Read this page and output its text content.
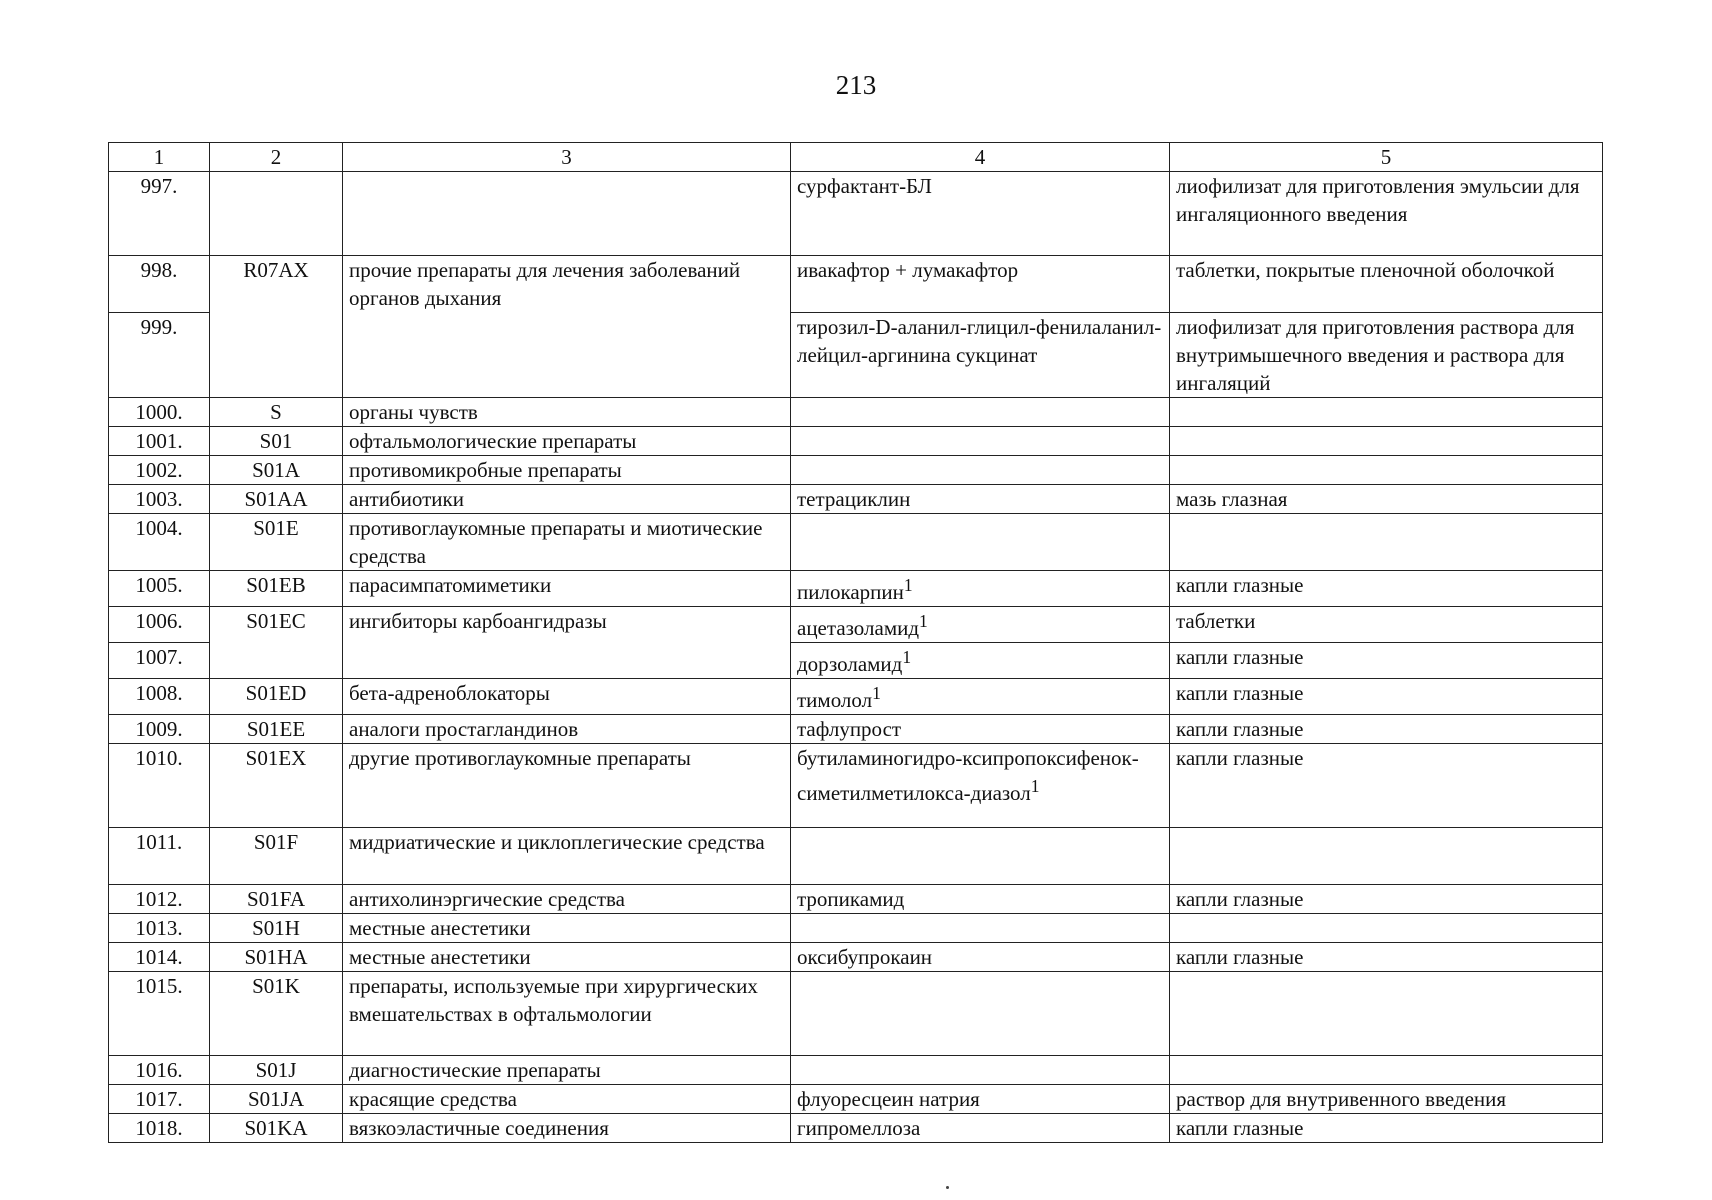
213
1	2	3	4	5
997.			сурфактант-БЛ	лиофилизат для приготовления эмульсии для ингаляционного введения
998.	R07AX	прочие препараты для лечения заболеваний органов дыхания	ивакафтор + лумакафтор	таблетки, покрытые пленочной оболочкой
999.			тирозил-D-аланил-глицил-фенилаланил-лейцил-аргинина сукцинат	лиофилизат для приготовления раствора для внутримышечного введения и раствора для ингаляций
1000.	S	органы чувств		
1001.	S01	офтальмологические препараты		
1002.	S01A	противомикробные препараты		
1003.	S01AA	антибиотики	тетрациклин	мазь глазная
1004.	S01E	противоглаукомные препараты и миотические средства		
1005.	S01EB	парасимпатомиметики	пилокарпин$^1$	капли глазные
1006.	S01EC	ингибиторы карбоангидразы	ацетазоламид$^1$	таблетки
1007.			дорзоламид$^1$	капли глазные
1008.	S01ED	бета-адреноблокаторы	тимолол$^1$	капли глазные
1009.	S01EE	аналоги простагландинов	тафлупрост	капли глазные
1010.	S01EX	другие противоглаукомные препараты	бутиламиногидро-ксипропоксифенок-симетилметилокса-диазол$^1$	капли глазные
1011.	S01F	мидриатические и циклоплегические средства		
1012.	S01FA	антихолинэргические средства	тропикамид	капли глазные
1013.	S01H	местные анестетики		
1014.	S01HA	местные анестетики	оксибупрокаин	капли глазные
1015.	S01K	препараты, используемые при хирургических вмешательствах в офтальмологии		
1016.	S01J	диагностические препараты		
1017.	S01JA	красящие средства	флуоресцеин натрия	раствор для внутривенного введения
1018.	S01KA	вязкоэластичные соединения	гипромеллоза	капли глазные
